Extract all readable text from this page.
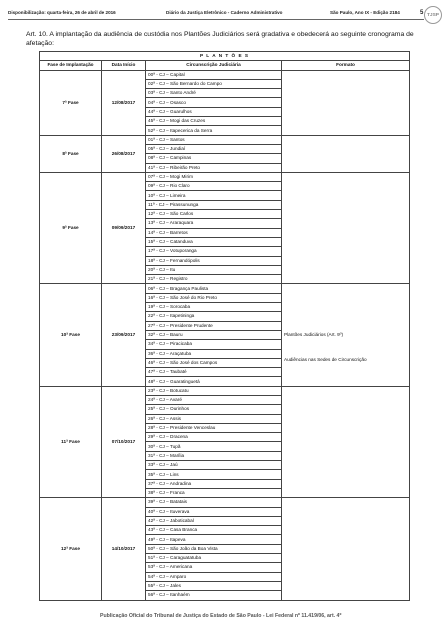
Disponibilização: quarta-feira, 26 de abril de 2016	Diário da Justiça Eletrônico - Caderno Administrativo	São Paulo, Ano IX - Edição 2184	5 TJSP
Art. 10. A implantação da audiência de custódia nos Plantões Judiciários será gradativa e obedecerá ao seguinte cronograma de afetação:
P L A N T Õ E S			
Fase de Implantação	Data Início	Circunscrição Judiciária	Formato
7ª Fase	12/08/2017	00ª - CJ – Capital	
		02ª - CJ – São Bernardo do Campo	
		03ª - CJ – Santo André	
		04ª - CJ – Osasco	
		44ª - CJ – Guarulhos	
		45ª - CJ – Mogi das Cruzes	
		52ª - CJ – Itapecerica da Serra	
8ª Fase	26/08/2017	01ª - CJ – Santos	
		05ª - CJ – Jundiaí	
		08ª - CJ – Campinas	
		41ª - CJ – Ribeirão Preto	
9ª Fase	09/09/2017	07ª - CJ – Mogi Mirim	
		09ª - CJ – Rio Claro	
		10ª - CJ – Limeira	
		11ª - CJ – Pirassununga	
		12ª - CJ – São Carlos	
		13ª - CJ – Araraquara	
		14ª - CJ – Barretos	
		15ª - CJ – Catanduva	
		17ª - CJ – Votuporanga	
		18ª - CJ – Fernandópolis	
		20ª - CJ – Itu	
		21ª - CJ – Registro	
10ª Fase	23/09/2017	06ª - CJ – Bragança Paulista	Plantões Judiciários (Art. 9º)
Audiências nas Sedes de Circunscrição

		16ª - CJ – São José do Rio Preto	
		19ª - CJ – Sorocaba	
		22ª - CJ – Itapetininga	
		27ª - CJ – Presidente Prudente	
		32ª - CJ – Bauru	
		34ª - CJ – Piracicaba	
		36ª - CJ – Araçatuba	
		46ª - CJ – São José dos Campos	
		47ª - CJ – Taubaté	
		48ª - CJ – Guaratinguetá	
11ª Fase	07/10/2017	23ª - CJ – Botucatu	
		24ª - CJ – Avaré	
		25ª - CJ – Ourinhos	
		26ª - CJ – Assis	
		28ª - CJ – Presidente Venceslau	
		29ª - CJ – Dracena	
		30ª - CJ – Tupã	
		31ª - CJ – Marília	
		33ª - CJ – Jaú	
		35ª - CJ – Lins	
		37ª - CJ – Andradina	
		38ª - CJ – Franca	
12ª Fase	14/10/2017	39ª - CJ – Batatais	
		40ª - CJ – Ituverava	
		42ª - CJ – Jaboticabal	
		43ª - CJ – Casa Branca	
		49ª - CJ – Itapeva	
		50ª - CJ – São João da Boa Vista	
		51ª - CJ – Caraguatatuba	
		53ª - CJ – Americana	
		54ª - CJ – Amparo	
		55ª - CJ – Jales	
		56ª - CJ – Itanhaém	
Publicação Oficial do Tribunal de Justiça do Estado de São Paulo - Lei Federal nº 11.419/06, art. 4º
